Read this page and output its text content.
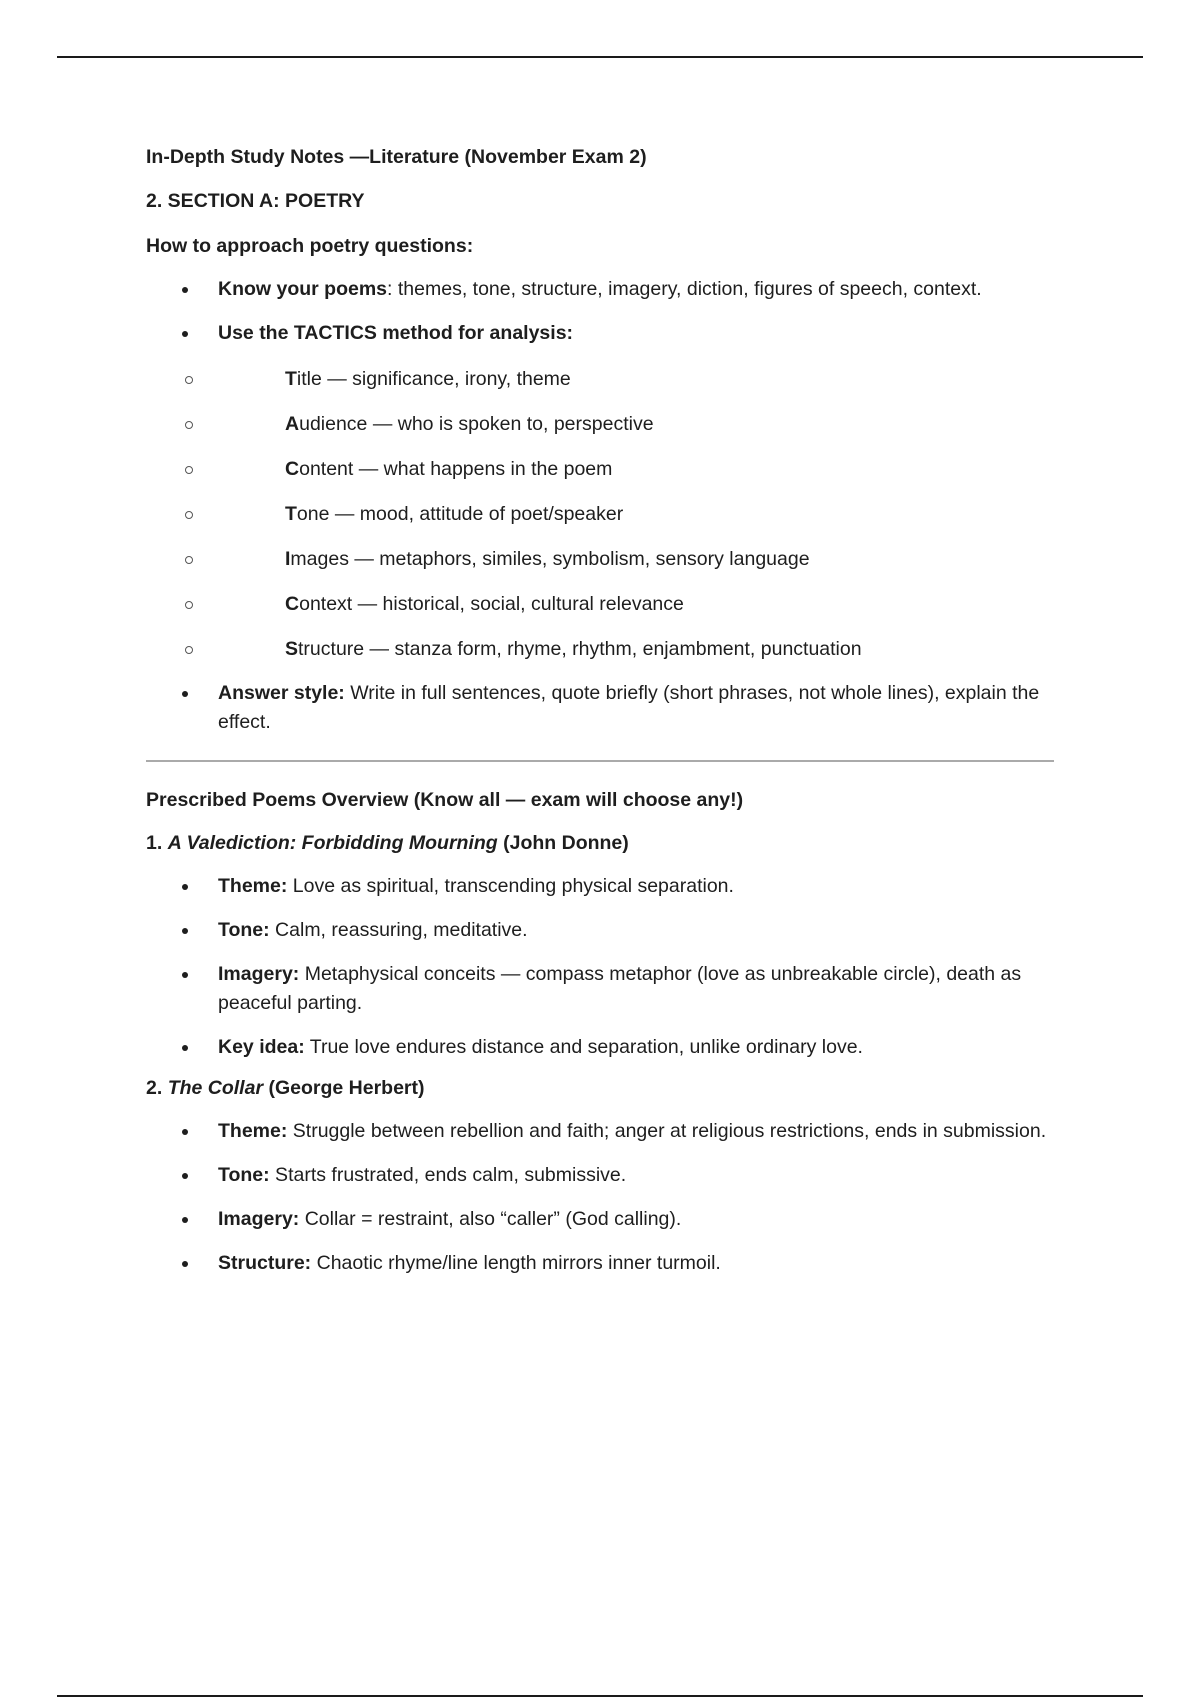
In-Depth Study Notes —Literature (November Exam 2)

2. SECTION A: POETRY

How to approach poetry questions:

Know your poems: themes, tone, structure, imagery, diction, figures of speech, context.
Use the TACTICS method for analysis:
Title — significance, irony, theme
Audience — who is spoken to, perspective
Content — what happens in the poem
Tone — mood, attitude of poet/speaker
Images — metaphors, similes, symbolism, sensory language
Context — historical, social, cultural relevance
Structure — stanza form, rhyme, rhythm, enjambment, punctuation
Answer style: Write in full sentences, quote briefly (short phrases, not whole lines), explain the effect.

Prescribed Poems Overview (Know all — exam will choose any!)

1. A Valediction: Forbidding Mourning (John Donne)

Theme: Love as spiritual, transcending physical separation.
Tone: Calm, reassuring, meditative.
Imagery: Metaphysical conceits — compass metaphor (love as unbreakable circle), death as peaceful parting.
Key idea: True love endures distance and separation, unlike ordinary love.

2. The Collar (George Herbert)

Theme: Struggle between rebellion and faith; anger at religious restrictions, ends in submission.
Tone: Starts frustrated, ends calm, submissive.
Imagery: Collar = restraint, also “caller” (God calling).
Structure: Chaotic rhyme/line length mirrors inner turmoil.
